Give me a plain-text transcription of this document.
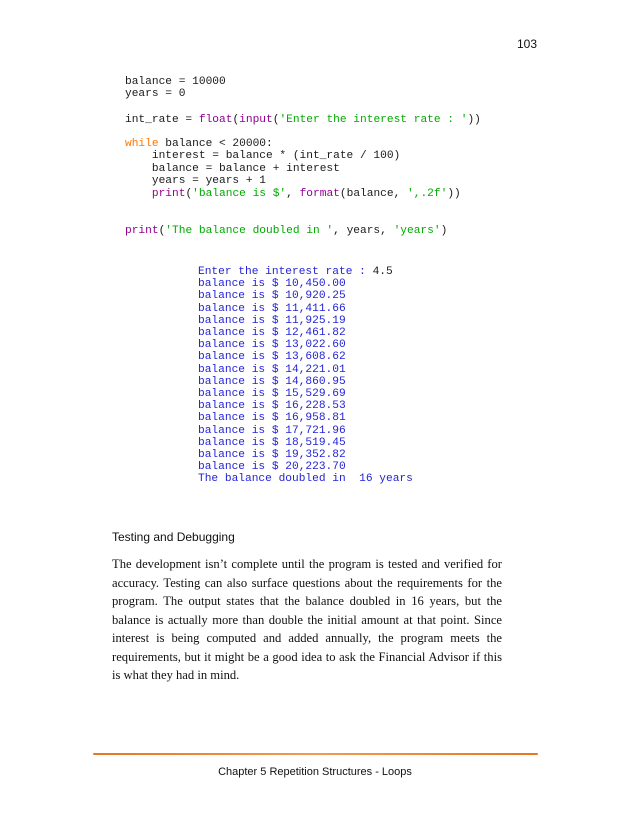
103
balance = 10000
years = 0
int_rate = float(input('Enter the interest rate : '))
while balance < 20000:
interest = balance * (int_rate / 100)
balance = balance + interest
years = years + 1
print('balance is $', format(balance, ',.2f'))
print('The balance doubled in ', years, 'years')
Enter the interest rate : 4.5
balance is $ 10,450.00
balance is $ 10,920.25
balance is $ 11,411.66
balance is $ 11,925.19
balance is $ 12,461.82
balance is $ 13,022.60
balance is $ 13,608.62
balance is $ 14,221.01
balance is $ 14,860.95
balance is $ 15,529.69
balance is $ 16,228.53
balance is $ 16,958.81
balance is $ 17,721.96
balance is $ 18,519.45
balance is $ 19,352.82
balance is $ 20,223.70
The balance doubled in  16 years
Testing and Debugging

The development isn’t complete until the program is tested and verified for accuracy. Testing can also surface questions about the requirements for the program. The output states that the balance doubled in 16 years, but the balance is actually more than double the initial amount at that point. Since interest is being computed and added annually, the program meets the requirements, but it might be a good idea to ask the Financial Advisor if this is what they had in mind.

Chapter 5 Repetition Structures - Loops
